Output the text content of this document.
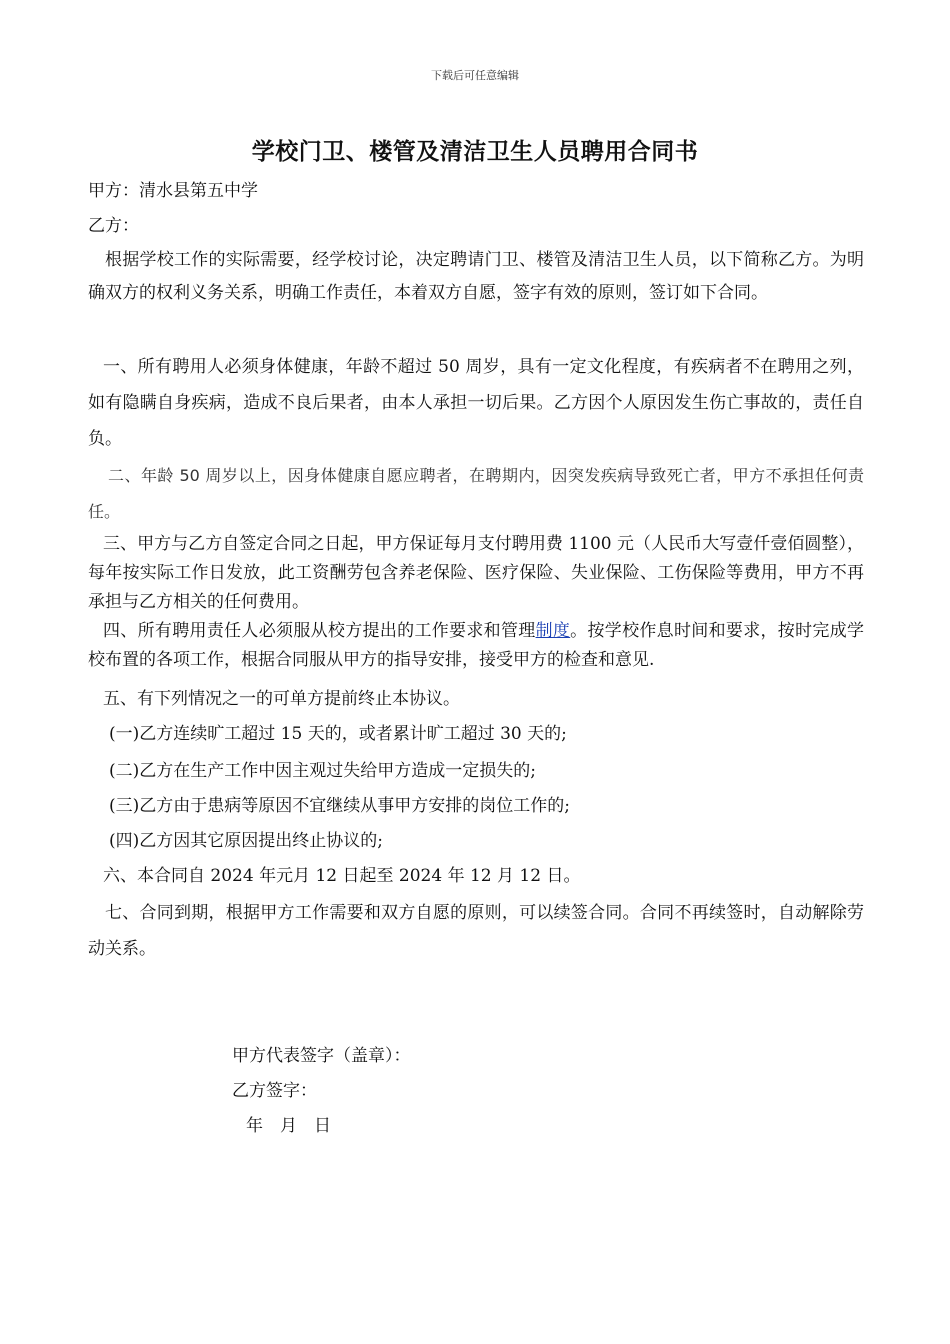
下载后可任意编辑
学校门卫、楼管及清洁卫生人员聘用合同书
甲方：清水县第五中学
乙方：
根据学校工作的实际需要，经学校讨论，决定聘请门卫、楼管及清洁卫生人员，以下简称乙方。为明确双方的权利义务关系，明确工作责任，本着双方自愿，签字有效的原则，签订如下合同。
一、所有聘用人必须身体健康，年龄不超过 50 周岁，具有一定文化程度，有疾病者不在聘用之列，如有隐瞒自身疾病，造成不良后果者，由本人承担一切后果。乙方因个人原因发生伤亡事故的，责任自负。
二、年龄 50 周岁以上，因身体健康自愿应聘者，在聘期内，因突发疾病导致死亡者，甲方不承担任何责任。
三、甲方与乙方自签定合同之日起，甲方保证每月支付聘用费 1100 元（人民币大写壹仟壹佰圆整），每年按实际工作日发放，此工资酬劳包含养老保险、医疗保险、失业保险、工伤保险等费用，甲方不再承担与乙方相关的任何费用。
四、所有聘用责任人必须服从校方提出的工作要求和管理制度。按学校作息时间和要求，按时完成学校布置的各项工作，根据合同服从甲方的指导安排，接受甲方的检查和意见.
五、有下列情况之一的可单方提前终止本协议。
(一)乙方连续旷工超过 15 天的，或者累计旷工超过 30 天的;
(二)乙方在生产工作中因主观过失给甲方造成一定损失的;
(三)乙方由于患病等原因不宜继续从事甲方安排的岗位工作的;
(四)乙方因其它原因提出终止协议的;
六、本合同自 2024 年元月 12 日起至 2024 年 12 月 12 日。
七、合同到期，根据甲方工作需要和双方自愿的原则，可以续签合同。合同不再续签时，自动解除劳动关系。
甲方代表签字（盖章）：
乙方签字：
年　月　日
